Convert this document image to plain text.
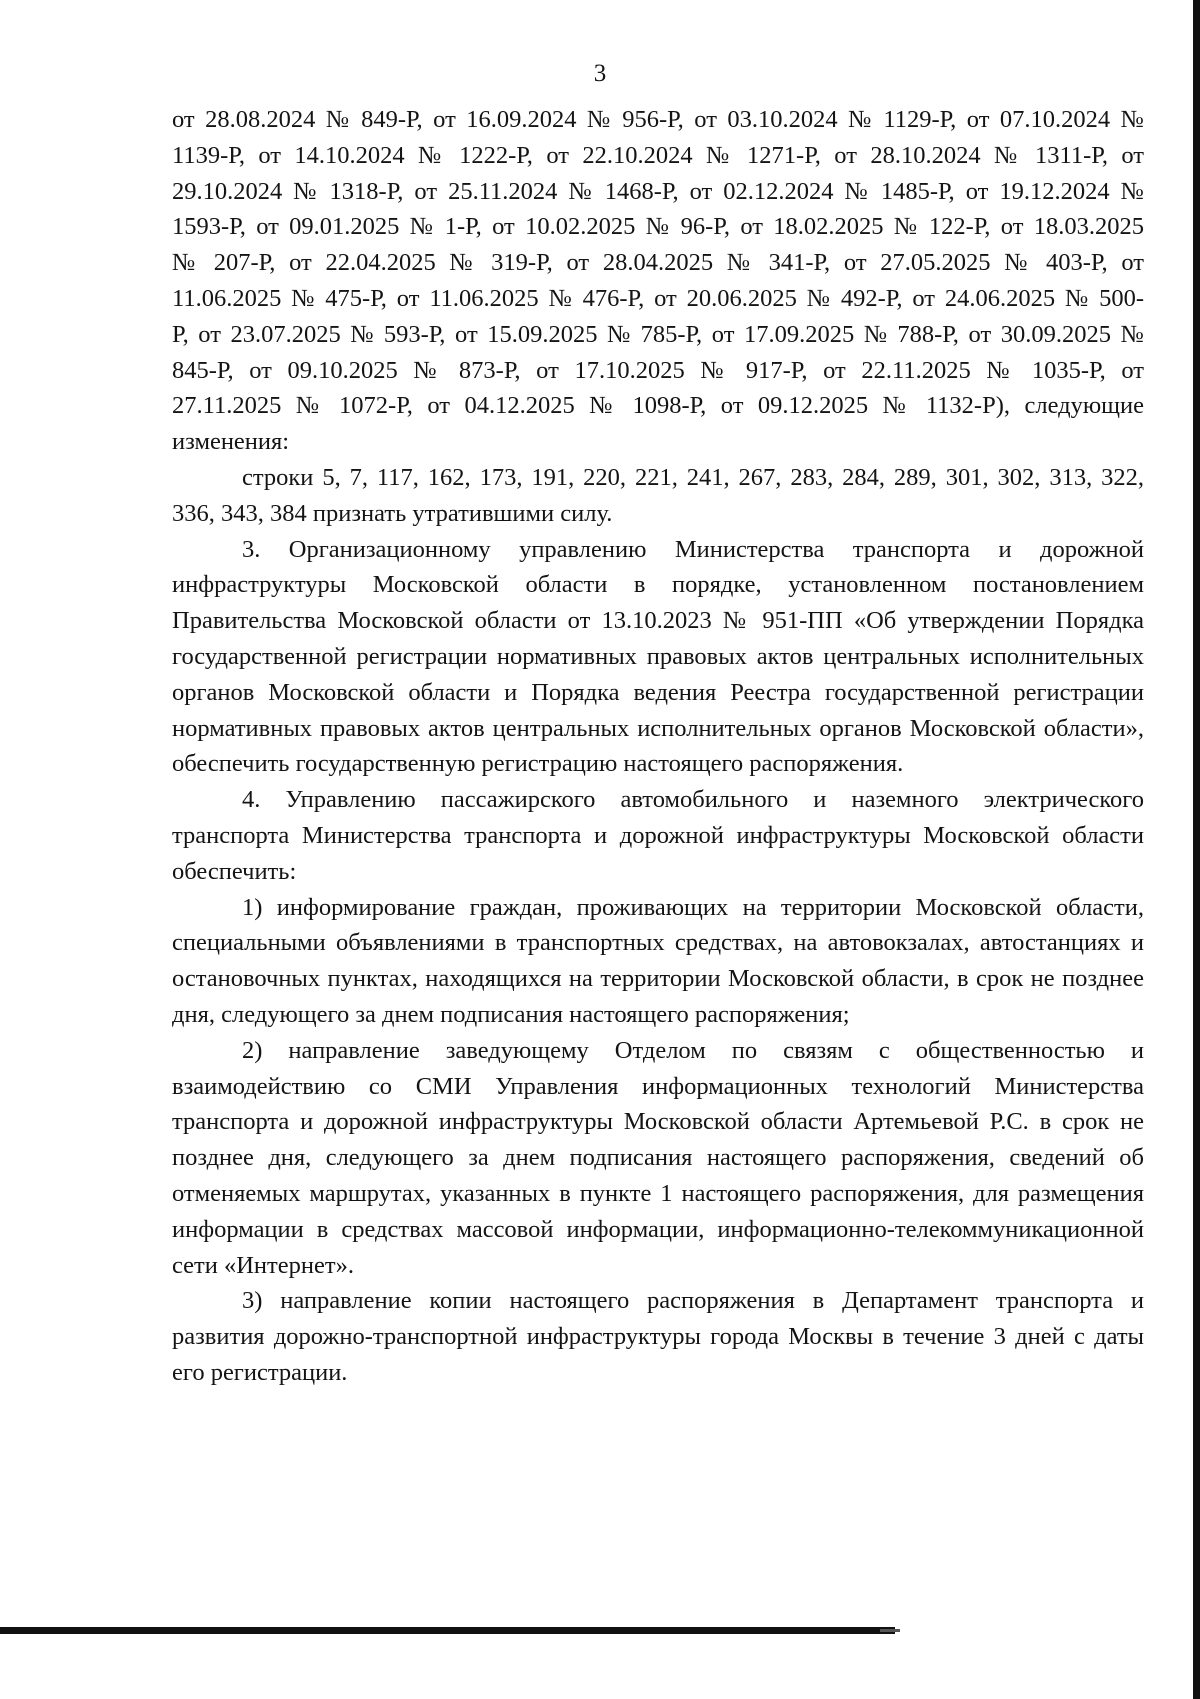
3

от 28.08.2024 № 849-Р, от 16.09.2024 № 956-Р, от 03.10.2024 № 1129-Р, от 07.10.2024 № 1139-Р, от 14.10.2024 № 1222-Р, от 22.10.2024 № 1271-Р, от 28.10.2024 № 1311-Р, от 29.10.2024 № 1318-Р, от 25.11.2024 № 1468-Р, от 02.12.2024 № 1485-Р, от 19.12.2024 № 1593-Р, от 09.01.2025 № 1-Р, от 10.02.2025 № 96-Р, от 18.02.2025 № 122-Р, от 18.03.2025 № 207-Р, от 22.04.2025 № 319-Р, от 28.04.2025 № 341-Р, от 27.05.2025 № 403-Р, от 11.06.2025 № 475-Р, от 11.06.2025 № 476-Р, от 20.06.2025 № 492-Р, от 24.06.2025 № 500-Р, от 23.07.2025 № 593-Р, от 15.09.2025 № 785-Р, от 17.09.2025 № 788-Р, от 30.09.2025 № 845-Р, от 09.10.2025 № 873-Р, от 17.10.2025 № 917-Р, от 22.11.2025 № 1035-Р, от 27.11.2025 № 1072-Р, от 04.12.2025 № 1098-Р, от 09.12.2025 № 1132-Р), следующие изменения:

строки 5, 7, 117, 162, 173, 191, 220, 221, 241, 267, 283, 284, 289, 301, 302, 313, 322, 336, 343, 384 признать утратившими силу.

3. Организационному управлению Министерства транспорта и дорожной инфраструктуры Московской области в порядке, установленном постановлением Правительства Московской области от 13.10.2023 № 951-ПП «Об утверждении Порядка государственной регистрации нормативных правовых актов центральных исполнительных органов Московской области и Порядка ведения Реестра государственной регистрации нормативных правовых актов центральных исполнительных органов Московской области», обеспечить государственную регистрацию настоящего распоряжения.

4. Управлению пассажирского автомобильного и наземного электрического транспорта Министерства транспорта и дорожной инфраструктуры Московской области обеспечить:

1) информирование граждан, проживающих на территории Московской области, специальными объявлениями в транспортных средствах, на автовокзалах, автостанциях и остановочных пунктах, находящихся на территории Московской области, в срок не позднее дня, следующего за днем подписания настоящего распоряжения;

2) направление заведующему Отделом по связям с общественностью и взаимодействию со СМИ Управления информационных технологий Министерства транспорта и дорожной инфраструктуры Московской области Артемьевой Р.С. в срок не позднее дня, следующего за днем подписания настоящего распоряжения, сведений об отменяемых маршрутах, указанных в пункте 1 настоящего распоряжения, для размещения информации в средствах массовой информации, информационно-телекоммуникационной сети «Интернет».

3) направление копии настоящего распоряжения в Департамент транспорта и развития дорожно-транспортной инфраструктуры города Москвы в течение 3 дней с даты его регистрации.
